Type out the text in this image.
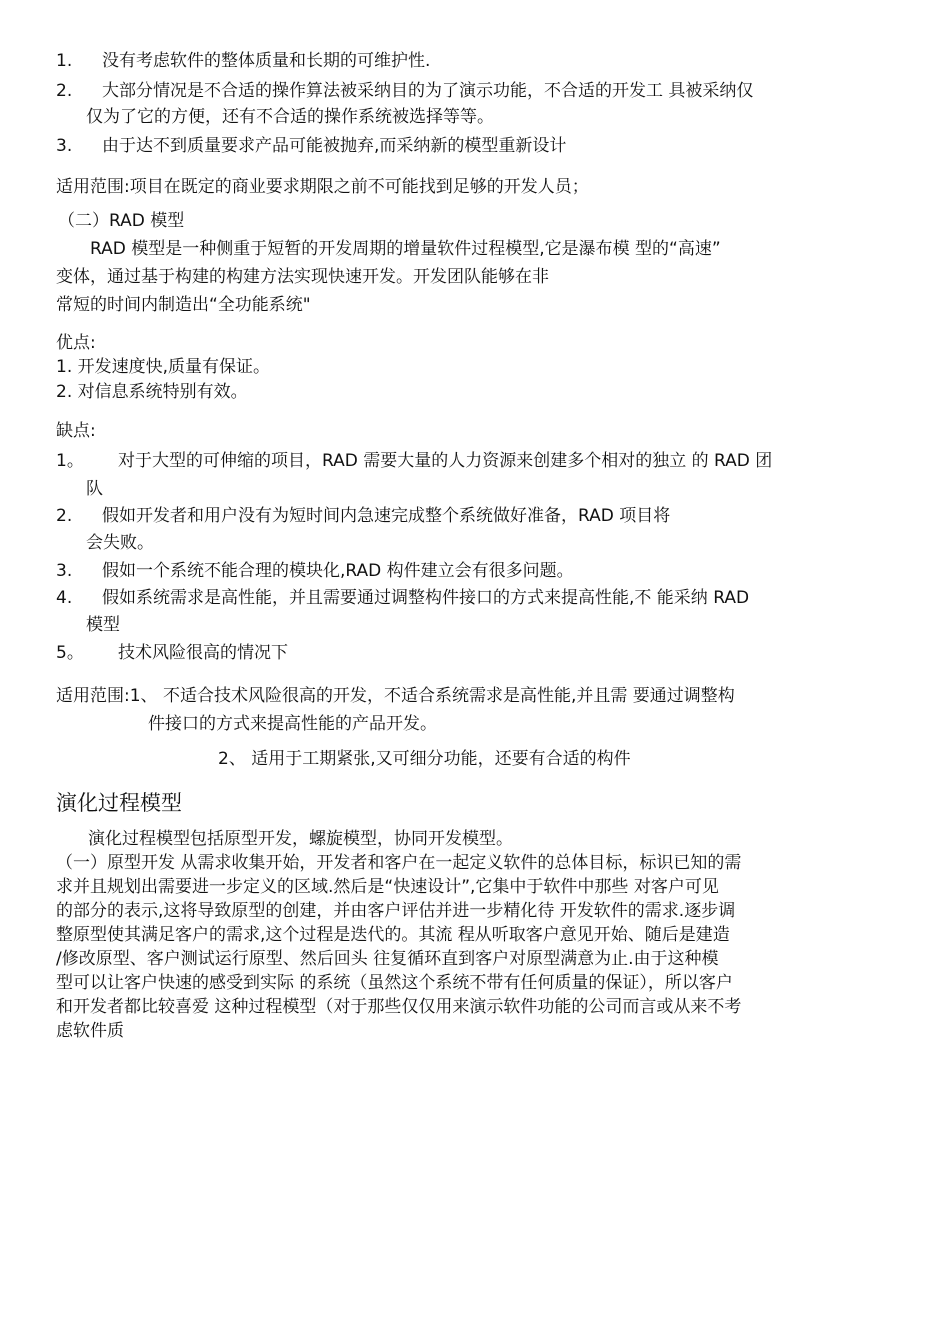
1. 没有考虑软件的整体质量和长期的可维护性.
2. 大部分情况是不合适的操作算法被采纳目的为了演示功能，不合适的开发工 具被采纳仅
仅为了它的方便，还有不合适的操作系统被选择等等。
3. 由于达不到质量要求产品可能被抛弃,而采纳新的模型重新设计
适用范围:项目在既定的商业要求期限之前不可能找到足够的开发人员；
（二）RAD 模型
RAD 模型是一种侧重于短暂的开发周期的增量软件过程模型,它是瀑布模 型的“高速”
变体，通过基于构建的构建方法实现快速开发。开发团队能够在非
常短的时间内制造出“全功能系统"
优点:
1. 开发速度快,质量有保证。
2. 对信息系统特别有效。
缺点:
1。 对于大型的可伸缩的项目，RAD 需要大量的人力资源来创建多个相对的独立 的 RAD 团
队
2. 假如开发者和用户没有为短时间内急速完成整个系统做好准备，RAD 项目将
会失败。
3. 假如一个系统不能合理的模块化,RAD 构件建立会有很多问题。
4. 假如系统需求是高性能，并且需要通过调整构件接口的方式来提高性能,不 能采纳 RAD
模型
5。 技术风险很高的情况下
适用范围:1、 不适合技术风险很高的开发，不适合系统需求是高性能,并且需 要通过调整构
件接口的方式来提高性能的产品开发。
2、 适用于工期紧张,又可细分功能，还要有合适的构件
演化过程模型
演化过程模型包括原型开发，螺旋模型，协同开发模型。
（一）原型开发 从需求收集开始，开发者和客户在一起定义软件的总体目标，标识已知的需
求并且规划出需要进一步定义的区域.然后是“快速设计”,它集中于软件中那些 对客户可见
的部分的表示,这将导致原型的创建，并由客户评估并进一步精化待 开发软件的需求.逐步调
整原型使其满足客户的需求,这个过程是迭代的。其流 程从听取客户意见开始、随后是建造
/修改原型、客户测试运行原型、然后回头 往复循环直到客户对原型满意为止.由于这种模
型可以让客户快速的感受到实际 的系统（虽然这个系统不带有任何质量的保证），所以客户
和开发者都比较喜爱 这种过程模型（对于那些仅仅用来演示软件功能的公司而言或从来不考
虑软件质
